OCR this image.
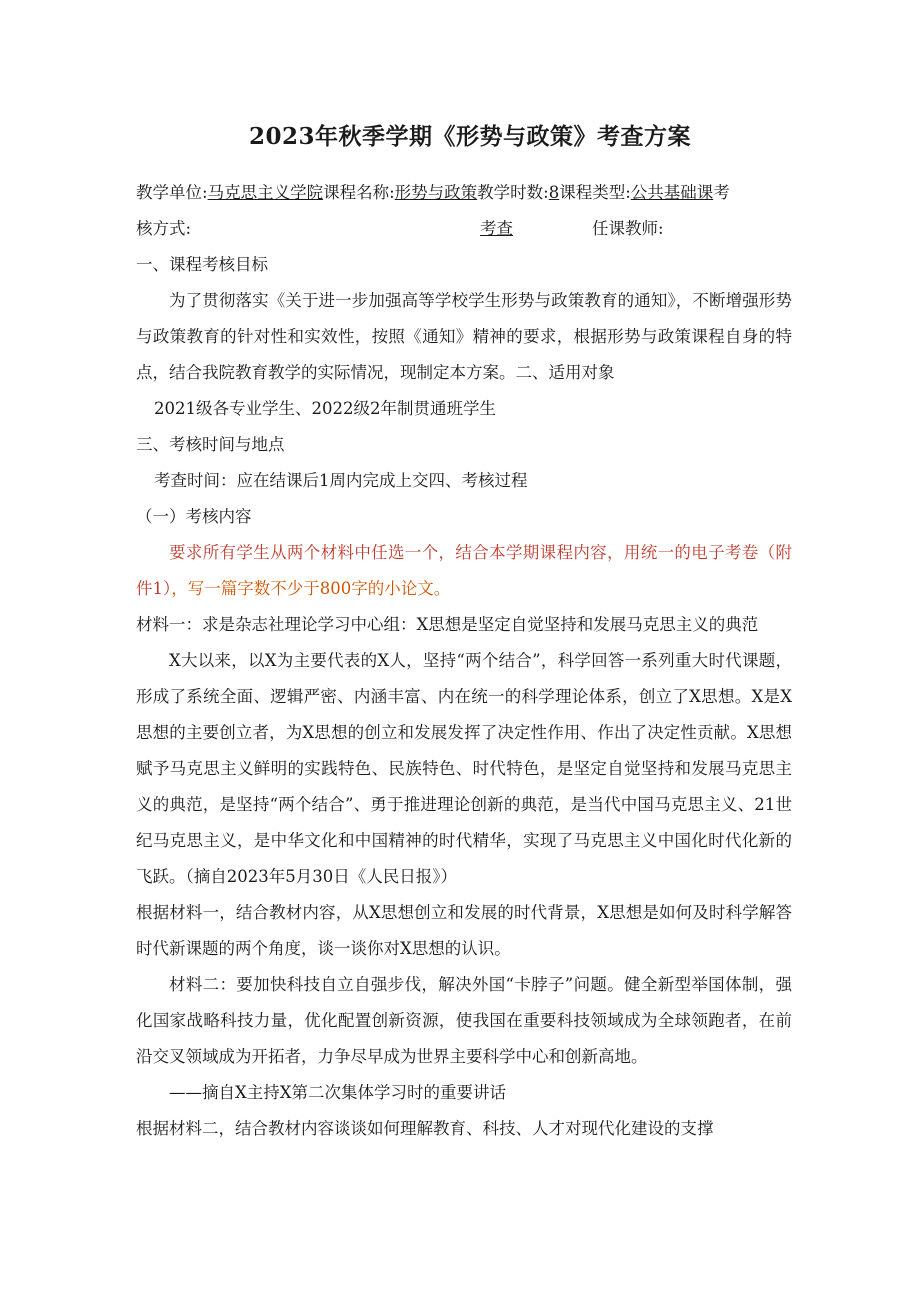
2023年秋季学期《形势与政策》考查方案
教学单位:马克思主义学院课程名称:形势与政策教学时数:8课程类型:公共基础课考
核方式:	考查	任课教师:

一、课程考核目标

为了贯彻落实《关于进一步加强高等学校学生形势与政策教育的通知》，不断增强形势与政策教育的针对性和实效性，按照《通知》精神的要求，根据形势与政策课程自身的特点，结合我院教育教学的实际情况，现制定本方案。二、适用对象

2021级各专业学生、2022级2年制贯通班学生

三、考核时间与地点

考查时间：应在结课后1周内完成上交四、考核过程

（一）考核内容

要求所有学生从两个材料中任选一个，结合本学期课程内容，用统一的电子考卷（附件1），写一篇字数不少于800字的小论文。

材料一：求是杂志社理论学习中心组：X思想是坚定自觉坚持和发展马克思主义的典范

X大以来，以X为主要代表的X人，坚持“两个结合”，科学回答一系列重大时代课题，形成了系统全面、逻辑严密、内涵丰富、内在统一的科学理论体系，创立了X思想。X是X思想的主要创立者，为X思想的创立和发展发挥了决定性作用、作出了决定性贡献。X思想赋予马克思主义鲜明的实践特色、民族特色、时代特色，是坚定自觉坚持和发展马克思主义的典范，是坚持“两个结合”、勇于推进理论创新的典范，是当代中国马克思主义、21世纪马克思主义，是中华文化和中国精神的时代精华，实现了马克思主义中国化时代化新的飞跃。（摘自2023年5月30日《人民日报》）

根据材料一，结合教材内容，从X思想创立和发展的时代背景，X思想是如何及时科学解答时代新课题的两个角度，谈一谈你对X思想的认识。

材料二：要加快科技自立自强步伐，解决外国“卡脖子”问题。健全新型举国体制，强化国家战略科技力量，优化配置创新资源，使我国在重要科技领域成为全球领跑者，在前沿交叉领域成为开拓者，力争尽早成为世界主要科学中心和创新高地。

——摘自X主持X第二次集体学习时的重要讲话

根据材料二，结合教材内容谈谈如何理解教育、科技、人才对现代化建设的支撑
